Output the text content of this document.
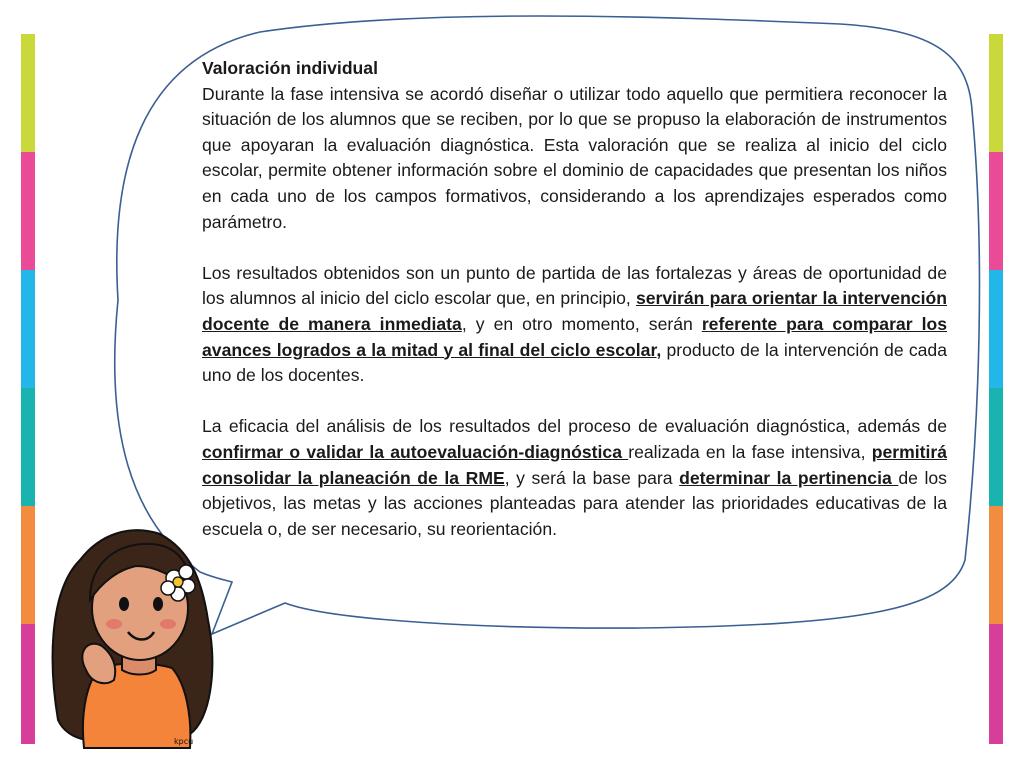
Valoración individual

Durante la fase intensiva se acordó diseñar o utilizar todo aquello que permitiera reconocer la situación de los alumnos que se reciben, por lo que se propuso la elaboración de instrumentos que apoyaran la evaluación diagnóstica. Esta valoración que se realiza al inicio del ciclo escolar, permite obtener información sobre el dominio de capacidades que presentan los niños en cada uno de los campos formativos, considerando a los aprendizajes esperados como parámetro.

Los resultados obtenidos son un punto de partida de las fortalezas y áreas de oportunidad de los alumnos al inicio del ciclo escolar que, en principio, servirán para orientar la intervención docente de manera inmediata, y en otro momento, serán referente para comparar los avances logrados a la mitad y al final del ciclo escolar, producto de la intervención de cada uno de los docentes.

La eficacia del análisis de los resultados del proceso de evaluación diagnóstica, además de confirmar o validar la autoevaluación-diagnóstica realizada en la fase intensiva, permitirá consolidar la planeación de la RME, y será la base para determinar la pertinencia de los objetivos, las metas y las acciones planteadas para atender las prioridades educativas de la escuela o, de ser necesario, su reorientación.

kpcu
